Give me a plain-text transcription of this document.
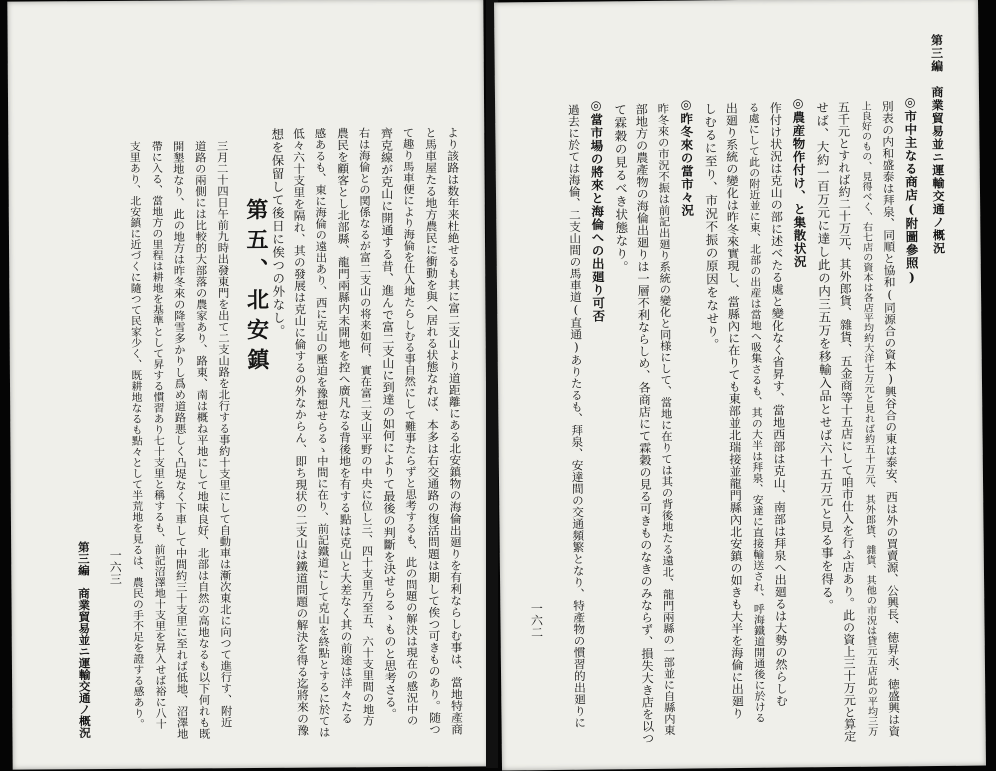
第三編　商業貿易並ニ運輸交通ノ概況 一六三 支里あり、北安鎮に近づくに隨つて民家少く、既耕地なるも點々として半荒地を見るは、農民の手不足を證する感あり。 帶に入る、當地方の里程は耕地を基準として昇する慣習あり七十支里と稱するも、前記沼澤地十支里を昇入せば裕に八十 開墾地なり、此の地方は昨冬來の降雪多かりし爲め道路悪しく凸堤なく下車して中間約三十支里に至れば低地、沼澤地 道路の兩側には比較的大部落の農家あり、路東、南は概ね平地にして地味良好、北部は自然の高地なるも以下何れも既 三月二十四日午前九時出發東門を出て二支山路を北行する事約十支里にして自動車は漸次東北に向つて進行す、附近 第五、北安鎮 想を保留して後日に俟つの外なし。 低々六十支里を隔れ、其の發展は克山に倫するの外なからん、即ち現状の二支山は鐵道問題の解決を得る迄將來の豫 感あるも、東に海倫の遠出あり、西に克山の壓迫を豫想せらるゝ中間に在り、前記鐵道にして克山を終點とするに於ては 農民を顧客とし北部縣、龍門兩縣内未開地を控へ廣凡なる背後地を有する點は克山と大差なく其の前途は洋々たる 右は海倫との関係なるが富二支山の将来如何、實在富二支山平野の中央に位し三、四十支里乃至五、六十支里間の地方 齊克線が克山に開通する昔、進んで富二支山に到達の如何によりて最後の判斷を決せらるゝものと思考さる。 て趣り馬車便により海倫を仕入地たらしむる事自然にして難事たらずと思考するも、此の問題の解決は現在の感況中の と馬車屋たる地方農民に衝動を與へ居れる状態なれば、本多は右交通路の復活問題は期して俟つ可きものあり。随つ より該路は数年来杜絶せるも其に富二支山より道距離にある北安鎮物の海倫出廻りを有利ならしむ事は、當地特產商	一六二 過去に於ては海倫、二支山間の馬車道(直通)ありたるも、拜泉、安達間の交通頻繁となり、特產物の慣習的出廻りに ◎當市場の將來と海倫への出廻り可否 て霖穀の見るべき状態なり。 部地方の農產物の海倫出廻りは一層不利ならしめ、各商店にて霖穀の見る可きものなきのみならず、損失大き店を以つ 昨冬來の市況不振は前記出廻り系統の變化と同様にして、當地に在りては其の背後地たる遠北、龍門兩縣の一部並に自縣内東 ◎昨冬來の當市々況 しむるに至り、市況不振の原因をなせり。 出廻り系統の變化は昨冬來實現し、當縣內に在りても東部並北瑞接並龍門縣內北安鎮の如きも大半を海倫に出廻り る處にして此の附近並に東、北部の出産は當地へ吸集さるも、其の大半は拜泉、安達に直接輸送され、呼海鐵道開通後に於ける 作付け状況は克山の部に述べたる處と變化なく省昇す、當地西部は克山、南部は拜泉へ出廻るは大勢の然らしむ ◎農産物作付け、と集散状況 せば、大約一百万元に達し此の内三五万を移輸入品とせば六十五万元と見る事を得る。 五千元とすれば約二十万元、其外郎貨、雜貨、五金商等十五店にして咱市仕入を行ふ店あり。此の資上三十万元と算定 上良好のもの、見得べく、右七店の資本は各店平均約大洋七万元と見れば約五十万元、其外郎貨、雜貨、其他の市況は貸元五店此の平均三万 別表の内和盛泰は拜泉、同順と協和(同源合の資本)興谷合の東は泰安、西は外の買賣源、公興長、徳昇永、徳盛興は資 ◎市中主なる商店(附圖參照) 第三編　商業貿易並ニ運輸交通ノ概況
